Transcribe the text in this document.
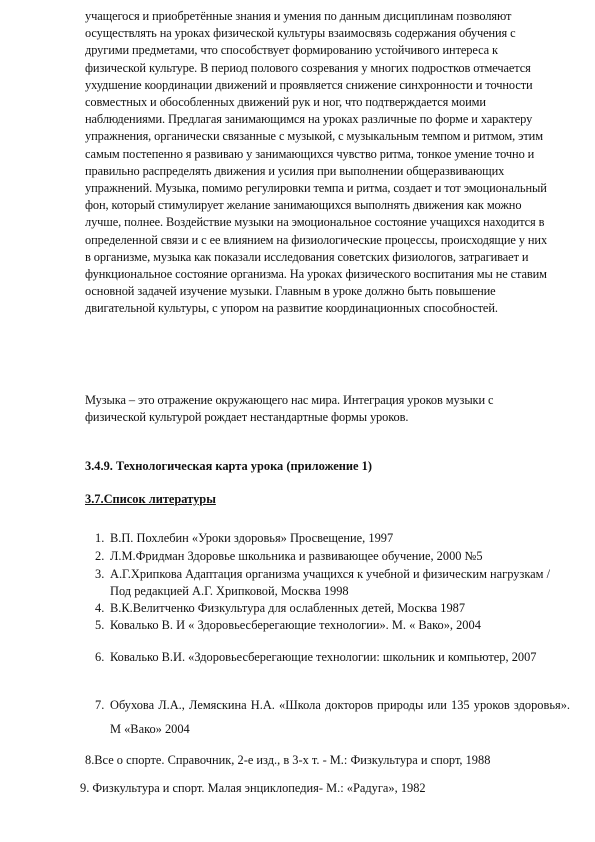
учащегося и приобретённые знания и умения по данным дисциплинам позволяют осуществлять на уроках физической культуры взаимосвязь содержания обучения с другими предметами, что способствует формированию устойчивого интереса к физической культуре. В период полового созревания у многих подростков отмечается ухудшение координации движений и проявляется снижение синхронности и точности совместных и обособленных движений рук и ног, что подтверждается моими наблюдениями. Предлагая занимающимся на уроках различные по форме и характеру упражнения, органически связанные с музыкой, с музыкальным темпом и ритмом, этим самым постепенно я развиваю у занимающихся чувство ритма, тонкое умение точно и правильно распределять движения и усилия при выполнении общеразвивающих упражнений. Музыка, помимо регулировки темпа и ритма, создает и тот эмоциональный фон, который стимулирует желание занимающихся выполнять движения как можно лучше, полнее. Воздействие музыки на эмоциональное состояние учащихся находится в определенной связи и с ее влиянием на физиологические процессы, происходящие у них в организме, музыка как показали исследования советских физиологов, затрагивает и функциональное состояние организма. На уроках физического воспитания мы не ставим основной задачей изучение музыки. Главным в уроке должно быть повышение двигательной культуры, с упором на развитие координационных способностей.

Музыка – это отражение окружающего нас мира. Интеграция уроков музыки с физической культурой рождает нестандартные формы уроков.

3.4.9. Технологическая карта урока (приложение 1)
3.7.Список литературы
1. В.П. Похлебин «Уроки здоровья» Просвещение, 1997
2. Л.М.Фридман Здоровье школьника и развивающее обучение, 2000 №5
3. А.Г.Хрипкова Адаптация организма учащихся к учебной и физическим нагрузкам / Под редакцией А.Г. Хрипковой, Москва 1998
4. В.К.Велитченко Физкультура для ослабленных детей, Москва 1987
5. Ковалько В. И « Здоровьесберегающие технологии». М. « Вако», 2004
6. Ковалько В.И. «Здоровьесберегающие технологии: школьник и компьютер, 2007
7. Обухова Л.А., Лемяскина Н.А. «Школа докторов природы или 135 уроков здоровья». М «Вако» 2004
8.Все о спорте. Справочник, 2-е изд., в 3-х т. - М.: Физкультура и спорт, 1988
9. Физкультура и спорт. Малая энциклопедия- М.: «Радуга», 1982
